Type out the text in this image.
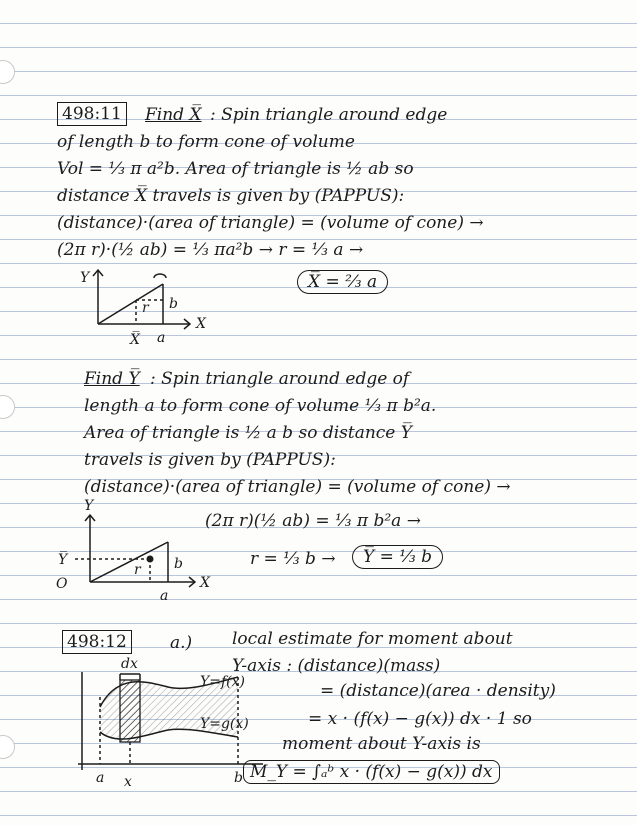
498:11 Find X̅ : Spin triangle around edge
of length b to form cone of volume
Vol = ⅓ π a²b. Area of triangle is ½ ab so
distance X̅ travels is given by (PAPPUS):
(distance)·(area of triangle) = (volume of cone) →
(2π r)·(½ ab) = ⅓ πa²b → r = ⅓ a →
X̅ = ⅔ a
Y
X
r b
a
X̅
Find Y̅ : Spin triangle around edge of
length a to form cone of volume ⅓ π b²a.
Area of triangle is ½ a b so distance Y̅
travels is given by (PAPPUS):
(distance)·(area of triangle) = (volume of cone) →
(2π r)(½ ab) = ⅓ π b²a →
r = ⅓ b →	Y̅ = ⅓ b
Y
X
Y̅
O
r b
a
498:12	a.) local estimate for moment about
Y-axis : (distance)(mass)
= (distance)(area · density)
= x · (f(x) − g(x)) dx · 1 so
moment about Y-axis is
M_Y = ∫ₐᵇ x · (f(x) − g(x)) dx
dx
Y=f(x)
Y=g(x)
a x	b
